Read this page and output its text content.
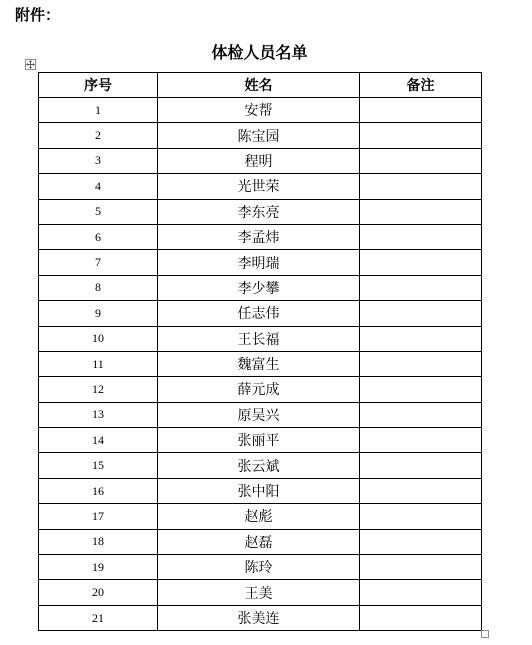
附件：
体检人员名单
序号	姓名	备注
1	安帮	
2	陈宝园	
3	程明	
4	光世荣	
5	李东亮	
6	李孟炜	
7	李明瑞	
8	李少攀	
9	任志伟	
10	王长福	
11	魏富生	
12	薛元成	
13	原吴兴	
14	张丽平	
15	张云斌	
16	张中阳	
17	赵彪	
18	赵磊	
19	陈玲	
20	王美	
21	张美连	
